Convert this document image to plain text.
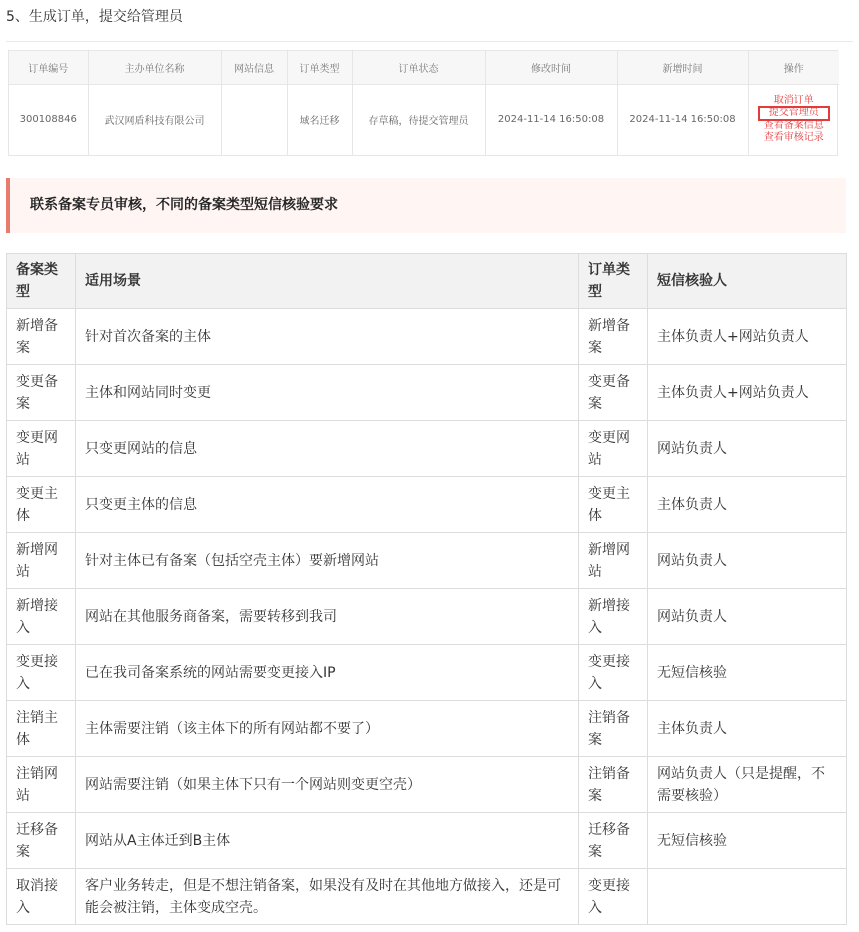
5、生成订单，提交给管理员
订单编号	主办单位名称	网站信息	订单类型	订单状态	修改时间	新增时间	操作
300108846	武汉网盾科技有限公司		域名迁移	存草稿，待提交管理员	2024-11-14 16:50:08	2024-11-14 16:50:08	取消订单
提交管理员
查看备案信息
查看审核记录
联系备案专员审核，不同的备案类型短信核验要求
备案类型	适用场景	订单类型	短信核验人
新增备案	针对首次备案的主体	新增备案	主体负责人+网站负责人
变更备案	主体和网站同时变更	变更备案	主体负责人+网站负责人
变更网站	只变更网站的信息	变更网站	网站负责人
变更主体	只变更主体的信息	变更主体	主体负责人
新增网站	针对主体已有备案（包括空壳主体）要新增网站	新增网站	网站负责人
新增接入	网站在其他服务商备案，需要转移到我司	新增接入	网站负责人
变更接入	已在我司备案系统的网站需要变更接入IP	变更接入	无短信核验
注销主体	主体需要注销（该主体下的所有网站都不要了）	注销备案	主体负责人
注销网站	网站需要注销（如果主体下只有一个网站则变更空壳）	注销备案	网站负责人（只是提醒，不需要核验）
迁移备案	网站从A主体迁到B主体	迁移备案	无短信核验
取消接入	客户业务转走，但是不想注销备案，如果没有及时在其他地方做接入，还是可能会被注销，主体变成空壳。	变更接入	
